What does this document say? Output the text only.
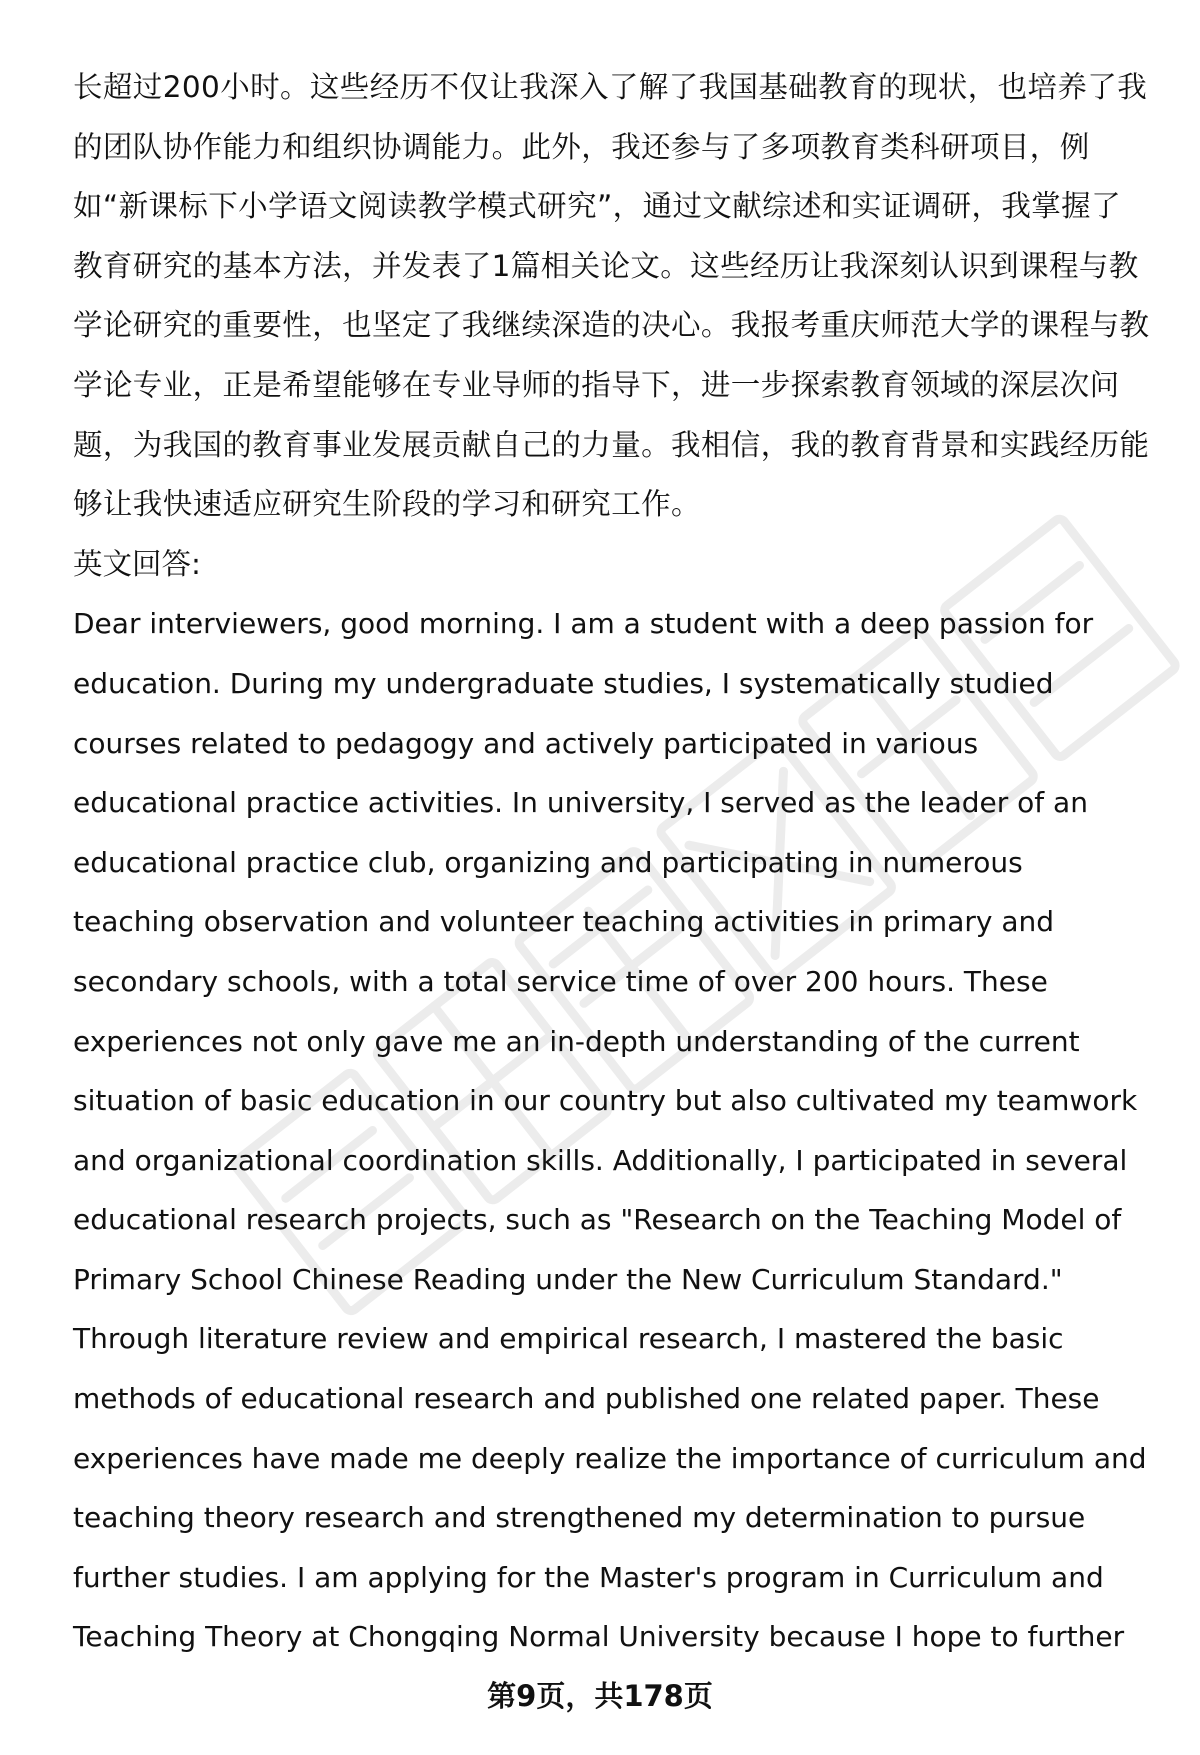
长超过200小时。这些经历不仅让我深入了解了我国基础教育的现状，也培养了我
的团队协作能力和组织协调能力。此外，我还参与了多项教育类科研项目，例
如“新课标下小学语文阅读教学模式研究”，通过文献综述和实证调研，我掌握了
教育研究的基本方法，并发表了1篇相关论文。这些经历让我深刻认识到课程与教
学论研究的重要性，也坚定了我继续深造的决心。我报考重庆师范大学的课程与教
学论专业，正是希望能够在专业导师的指导下，进一步探索教育领域的深层次问
题，为我国的教育事业发展贡献自己的力量。我相信，我的教育背景和实践经历能
够让我快速适应研究生阶段的学习和研究工作。
英文回答:
Dear interviewers, good morning. I am a student with a deep passion for
education. During my undergraduate studies, I systematically studied
courses related to pedagogy and actively participated in various
educational practice activities. In university, I served as the leader of an
educational practice club, organizing and participating in numerous
teaching observation and volunteer teaching activities in primary and
secondary schools, with a total service time of over 200 hours. These
experiences not only gave me an in-depth understanding of the current
situation of basic education in our country but also cultivated my teamwork
and organizational coordination skills. Additionally, I participated in several
educational research projects, such as "Research on the Teaching Model of
Primary School Chinese Reading under the New Curriculum Standard."
Through literature review and empirical research, I mastered the basic
methods of educational research and published one related paper. These
experiences have made me deeply realize the importance of curriculum and
teaching theory research and strengthened my determination to pursue
further studies. I am applying for the Master's program in Curriculum and
Teaching Theory at Chongqing Normal University because I hope to further
第9页，共178页
